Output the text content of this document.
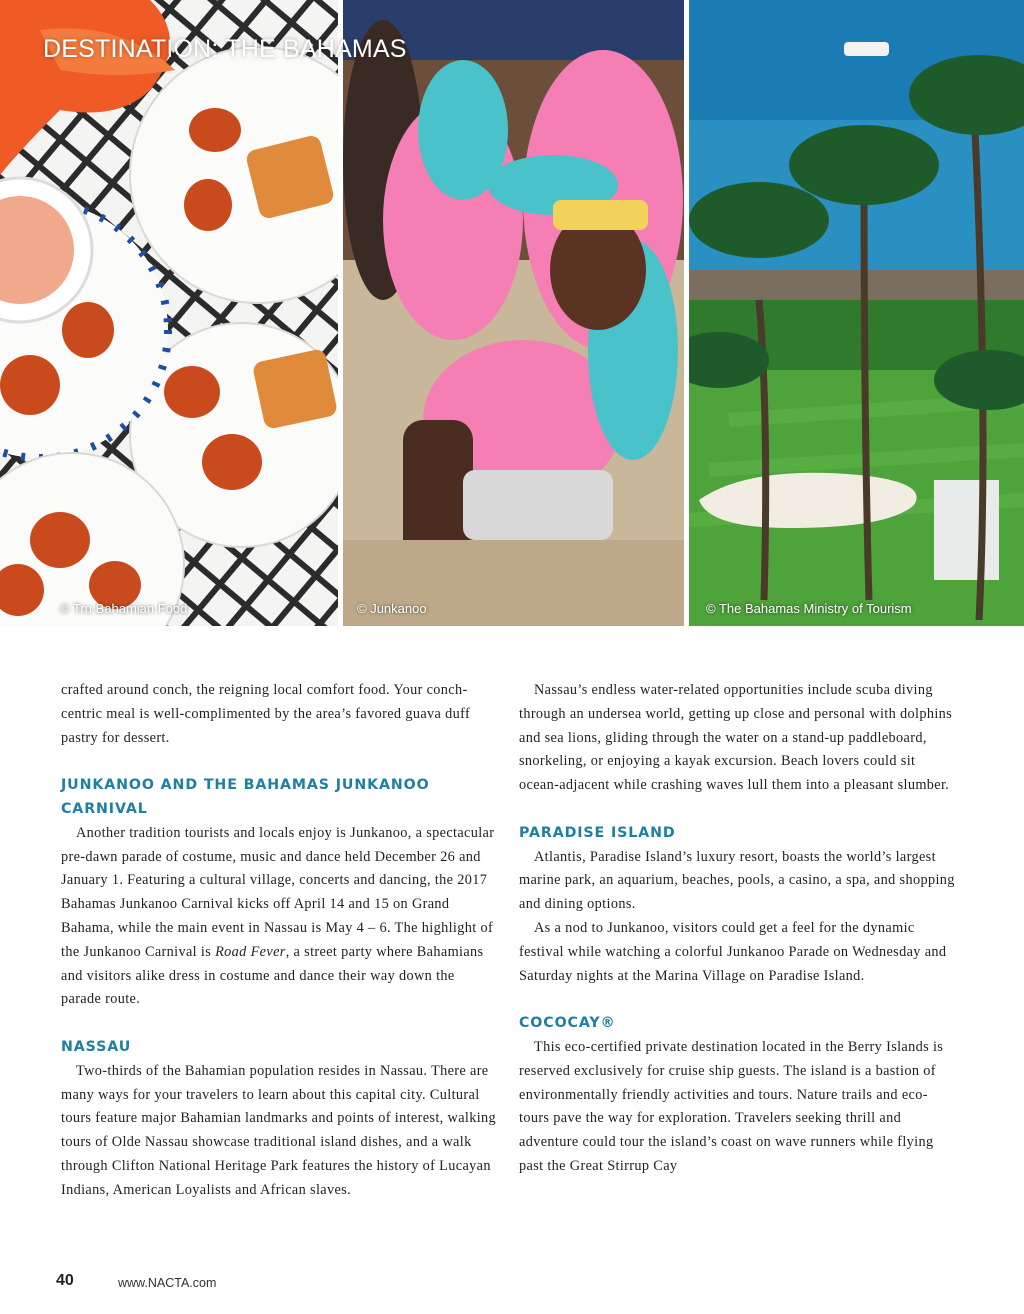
© Tru Bahamian Food	© Junkanoo	© The Bahamas Ministry of Tourism
DESTINATION: THE BAHAMAS

crafted around conch, the reigning local comfort food. Your conch-centric meal is well-complimented by the area’s favored guava duff pastry for dessert.

JUNKANOO AND THE BAHAMAS JUNKANOO CARNIVAL

Another tradition tourists and locals enjoy is Junkanoo, a spectacular pre-dawn parade of costume, music and dance held December 26 and January 1. Featuring a cultural village, concerts and dancing, the 2017 Bahamas Junkanoo Carnival kicks off April 14 and 15 on Grand Bahama, while the main event in Nassau is May 4 – 6. The highlight of the Junkanoo Carnival is Road Fever, a street party where Bahamians and visitors alike dress in costume and dance their way down the parade route.

NASSAU

Two-thirds of the Bahamian population resides in Nassau. There are many ways for your travelers to learn about this capital city. Cultural tours feature major Bahamian landmarks and points of interest, walking tours of Olde Nassau showcase traditional island dishes, and a walk through Clifton National Heritage Park features the history of Lucayan Indians, American Loyalists and African slaves.

Nassau’s endless water-related opportunities include scuba diving through an undersea world, getting up close and personal with dolphins and sea lions, gliding through the water on a stand-up paddleboard, snorkeling, or enjoying a kayak excursion. Beach lovers could sit ocean-adjacent while crashing waves lull them into a pleasant slumber.

PARADISE ISLAND

Atlantis, Paradise Island’s luxury resort, boasts the world’s largest marine park, an aquarium, beaches, pools, a casino, a spa, and shopping and dining options.

As a nod to Junkanoo, visitors could get a feel for the dynamic festival while watching a colorful Junkanoo Parade on Wednesday and Saturday nights at the Marina Village on Paradise Island.

COCOCAY®

This eco-certified private destination located in the Berry Islands is reserved exclusively for cruise ship guests. The island is a bastion of environmentally friendly activities and tours. Nature trails and eco-tours pave the way for exploration. Travelers seeking thrill and adventure could tour the island’s coast on wave runners while flying past the Great Stirrup Cay

40	www.NACTA.com
